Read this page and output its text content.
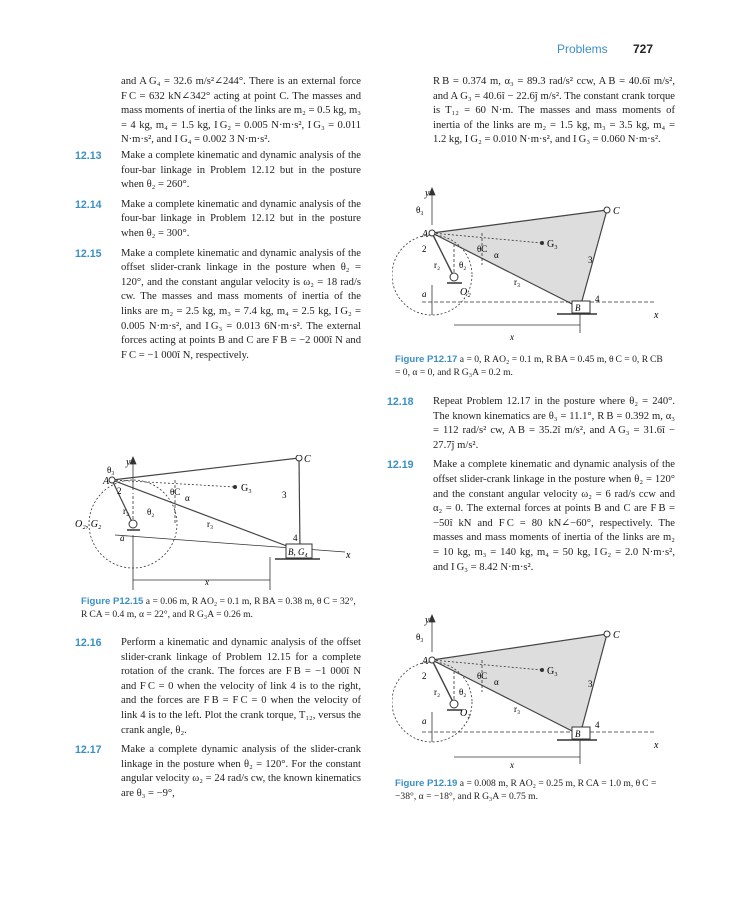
Problems 727

and A G₄ = 32.6 m/s²∠244°. There is an external force F C = 632 kN∠342° acting at point C. The masses and mass moments of inertia of the links are m₂ = 0.5 kg, m₃ = 4 kg, m₄ = 1.5 kg, I G₂ = 0.005 N·m·s², I G₃ = 0.011 N·m·s², and I G₄ = 0.002 3 N·m·s².

12.13 Make a complete kinematic and dynamic analysis of the four-bar linkage in Problem 12.12 but in the posture when θ₂ = 260°.

12.14 Make a complete kinematic and dynamic analysis of the four-bar linkage in Problem 12.12 but in the posture when θ₂ = 300°.

12.15 Make a complete kinematic and dynamic analysis of the offset slider-crank linkage in the posture when θ₂ = 120°, and the constant angular velocity is ω₂ = 18 rad/s cw. The masses and mass moments of inertia of the links are m₂ = 2.5 kg, m₃ = 7.4 kg, m₄ = 2.5 kg, I G₂ = 0.005 N·m·s², and I G₃ = 0.013 6N·m·s². The external forces acting at points B and C are F B = −2 000î N and F C = −1 000î N, respectively.

y
A
C
G₃
B, G₄
O₂, G₂
θ₃
θ₂
θC
α
r₂
r₃
2	3
4
a
x
x
Figure P12.15 a = 0.06 m, R AO₂ = 0.1 m, R BA = 0.38 m, θ C = 32°, R CA = 0.4 m, α = 22°, and R G₃A = 0.26 m.
12.16 Perform a kinematic and dynamic analysis of the offset slider-crank linkage of Problem 12.15 for a complete rotation of the crank. The forces are F B = −1 000î N and F C = 0 when the velocity of link 4 is to the right, and the forces are F B = F C = 0 when the velocity of link 4 is to the left. Plot the crank torque, T₁₂, versus the crank angle, θ₂.

12.17 Make a complete dynamic analysis of the slider-crank linkage in the posture when θ₂ = 120°. For the constant angular velocity ω₂ = 24 rad/s cw, the known kinematics are θ₃ = −9°,

R B = 0.374 m, α₃ = 89.3 rad/s² ccw, A B = 40.6î m/s², and A G₃ = 40.6î − 22.6ĵ m/s². The constant crank torque is T₁₂ = 60 N·m. The masses and mass moments of inertia of the links are m₂ = 1.5 kg, m₃ = 3.5 kg, m₄ = 1.2 kg, I G₂ = 0.010 N·m·s², and I G₃ = 0.060 N·m·s².

y
A
C
G₃
B
O₂
θ₃
θ₂
θC
α
r₂
r₃
2
3
4
a
x
x
Figure P12.17 a = 0, R AO₂ = 0.1 m, R BA = 0.45 m, θ C = 0, R CB = 0, α = 0, and R G₃A = 0.2 m.
12.18 Repeat Problem 12.17 in the posture where θ₂ = 240°. The known kinematics are θ₃ = 11.1°, R B = 0.392 m, α₃ = 112 rad/s² cw, A B = 35.2î m/s², and A G₃ = 31.6î − 27.7ĵ m/s².

12.19 Make a complete kinematic and dynamic analysis of the offset slider-crank linkage in the posture when θ₂ = 120° and the constant angular velocity ω₂ = 6 rad/s ccw and α₂ = 0. The external forces at points B and C are F B = −50î kN and F C = 80 kN∠−60°, respectively. The masses and mass moments of inertia of the links are m₂ = 10 kg, m₃ = 140 kg, m₄ = 50 kg, I G₂ = 2.0 N·m·s², and I G₃ = 8.42 N·m·s².

y
A
C
G₃
B
O₂
θ₃
θ₂
θC
α
r₂
r₃
2
3
4
a
x
x
Figure P12.19 a = 0.008 m, R AO₂ = 0.25 m, R CA = 1.0 m, θ C = −38°, α = −18°, and R G₃A = 0.75 m.
